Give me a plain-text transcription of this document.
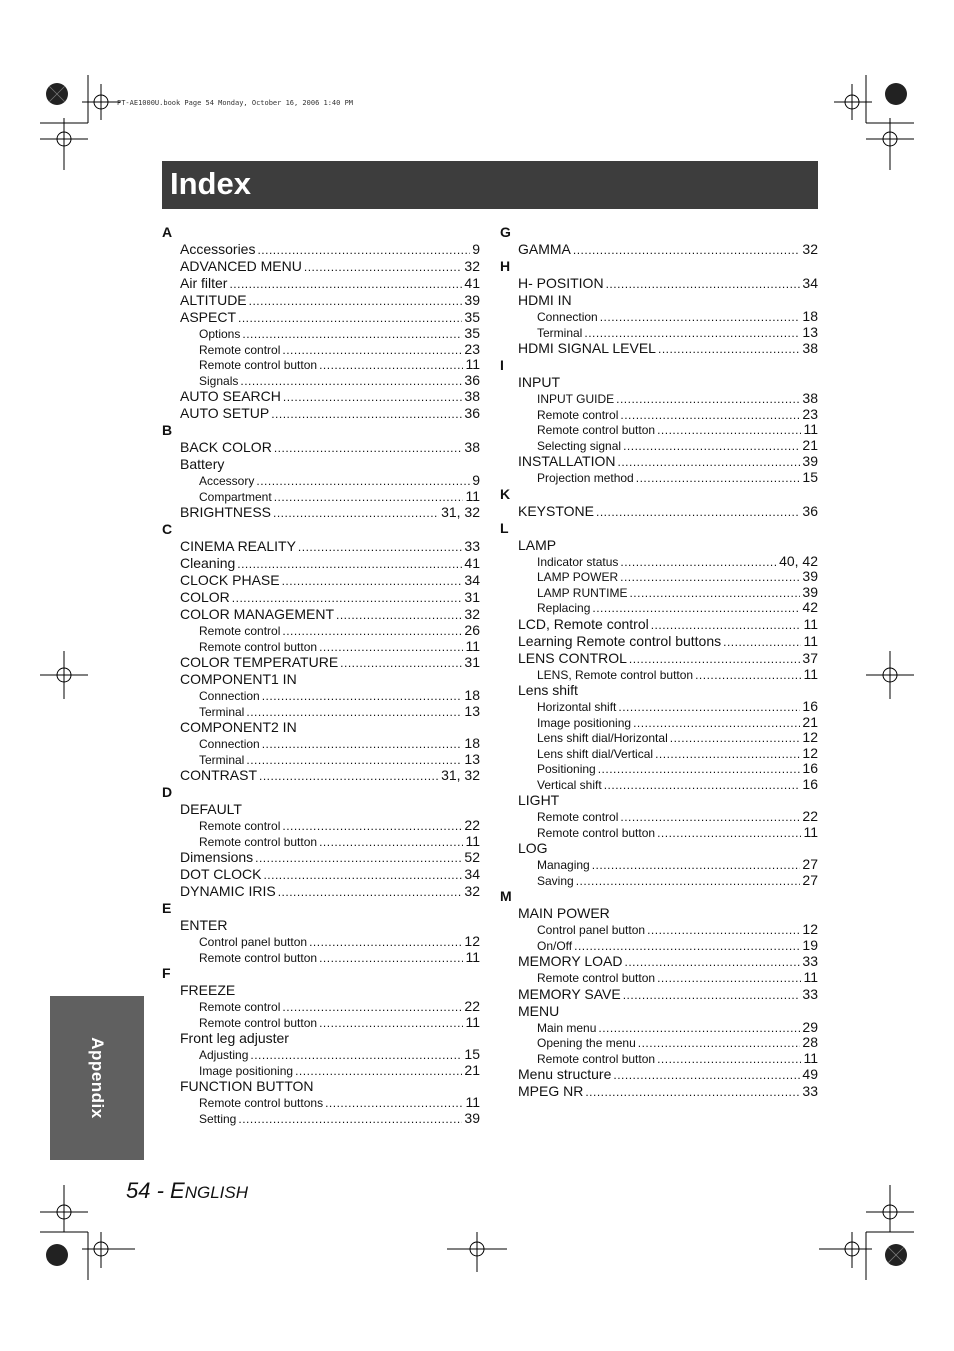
PT-AE1000U.book Page 54 Monday, October 16, 2006 1:40 PM
Index
A
Accessories .....	9
ADVANCED MENU .....	32
Air filter .....	41
ALTITUDE .....	39
ASPECT .....	35
Options .....	35
Remote control .....	23
Remote control button .....	11
Signals .....	36
AUTO SEARCH .....	38
AUTO SETUP .....	36
B
BACK COLOR .....	38
Battery
Accessory .....	9
Compartment .....	11
BRIGHTNESS .....	31, 32
C
CINEMA REALITY .....	33
Cleaning .....	41
CLOCK PHASE .....	34
COLOR .....	31
COLOR MANAGEMENT .....	32
Remote control .....	26
Remote control button .....	11
COLOR TEMPERATURE .....	31
COMPONENT1 IN
Connection .....	18
Terminal .....	13
COMPONENT2 IN
Connection .....	18
Terminal .....	13
CONTRAST .....	31, 32
D
DEFAULT
Remote control .....	22
Remote control button .....	11
Dimensions .....	52
DOT CLOCK .....	34
DYNAMIC IRIS .....	32
E
ENTER
Control panel button .....	12
Remote control button .....	11
F
FREEZE
Remote control .....	22
Remote control button .....	11
Front leg adjuster
Adjusting .....	15
Image positioning .....	21
FUNCTION BUTTON
Remote control buttons .....	11
Setting .....	39
G
GAMMA .....	32
H
H- POSITION .....	34
HDMI IN
Connection .....	18
Terminal .....	13
HDMI SIGNAL LEVEL .....	38
I
INPUT
INPUT GUIDE .....	38
Remote control .....	23
Remote control button .....	11
Selecting signal .....	21
INSTALLATION .....	39
Projection method .....	15
K
KEYSTONE .....	36
L
LAMP
Indicator status .....	40, 42
LAMP POWER .....	39
LAMP RUNTIME .....	39
Replacing .....	42
LCD, Remote control .....	11
Learning Remote control buttons .....	11
LENS CONTROL .....	37
LENS, Remote control button .....	11
Lens shift
Horizontal shift .....	16
Image positioning .....	21
Lens shift dial/Horizontal .....	12
Lens shift dial/Vertical .....	12
Positioning .....	16
Vertical shift .....	16
LIGHT
Remote control .....	22
Remote control button .....	11
LOG
Managing .....	27
Saving .....	27
M
MAIN POWER
Control panel button .....	12
On/Off .....	19
MEMORY LOAD .....	33
Remote control button .....	11
MEMORY SAVE .....	33
MENU
Main menu .....	29
Opening the menu .....	28
Remote control button .....	11
Menu structure .....	49
MPEG NR .....	33
Appendix
54 - ENGLISH
